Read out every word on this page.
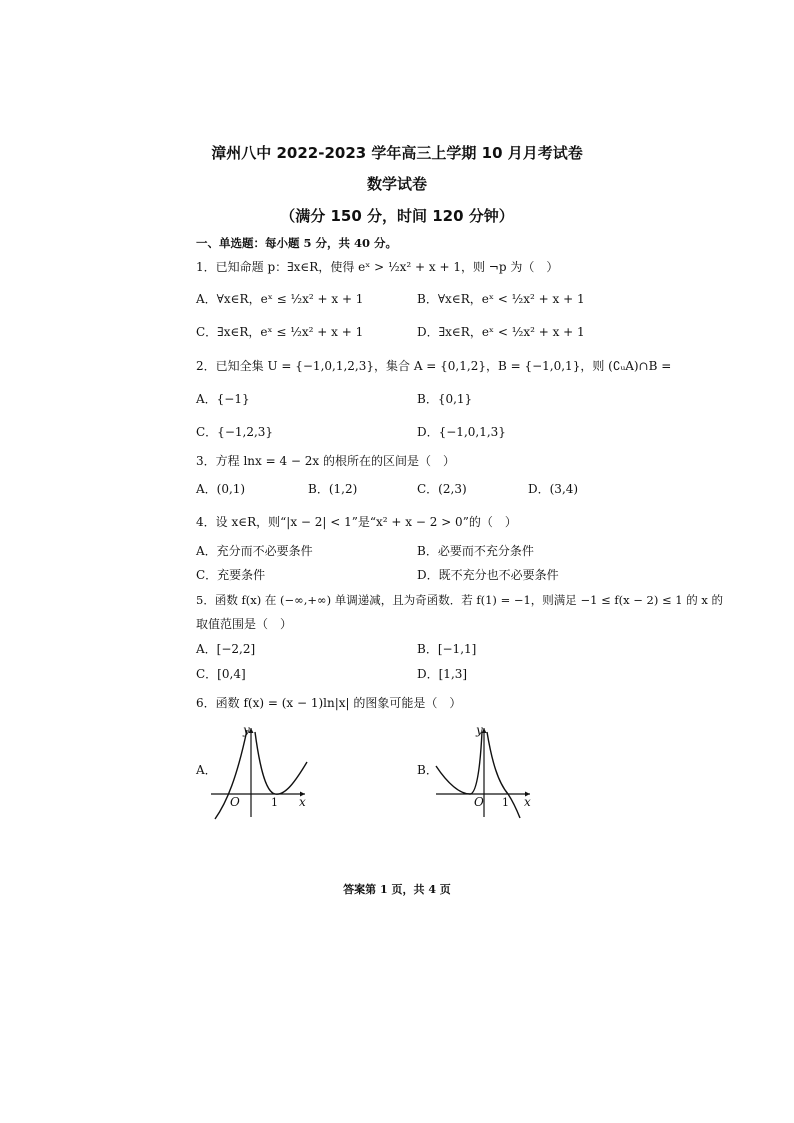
漳州八中 2022-2023 学年高三上学期 10 月月考试卷
数学试卷
（满分 150 分，时间 120 分钟）
一、单选题：每小题 5 分，共 40 分。
1．已知命题 p：∃x∈R，使得 eˣ > ½x² + x + 1，则 ¬p 为（　）
A．∀x∈R，eˣ ≤ ½x² + x + 1	B．∀x∈R，eˣ < ½x² + x + 1
C．∃x∈R，eˣ ≤ ½x² + x + 1	D．∃x∈R，eˣ < ½x² + x + 1
2．已知全集 U = {−1,0,1,2,3}，集合 A = {0,1,2}，B = {−1,0,1}，则 (∁ᵤA)∩B =
A．{−1}	B．{0,1}
C．{−1,2,3}	D．{−1,0,1,3}
3．方程 lnx = 4 − 2x 的根所在的区间是（　）
A．(0,1)	B．(1,2)	C．(2,3)	D．(3,4)
4．设 x∈R，则“|x − 2| < 1”是“x² + x − 2 > 0”的（　）
A．充分而不必要条件	B．必要而不充分条件
C．充要条件	D．既不充分也不必要条件
5．函数 f(x) 在 (−∞,+∞) 单调递减，且为奇函数．若 f(1) = −1，则满足 −1 ≤ f(x − 2) ≤ 1 的 x 的
取值范围是（　）
A．[−2,2]	B．[−1,1]
C．[0,4]	D．[1,3]
6．函数 f(x) = (x − 1)ln|x| 的图象可能是（　）
A．	B．
x
y
O	1	x
y
O 1
答案第 1 页，共 4 页
